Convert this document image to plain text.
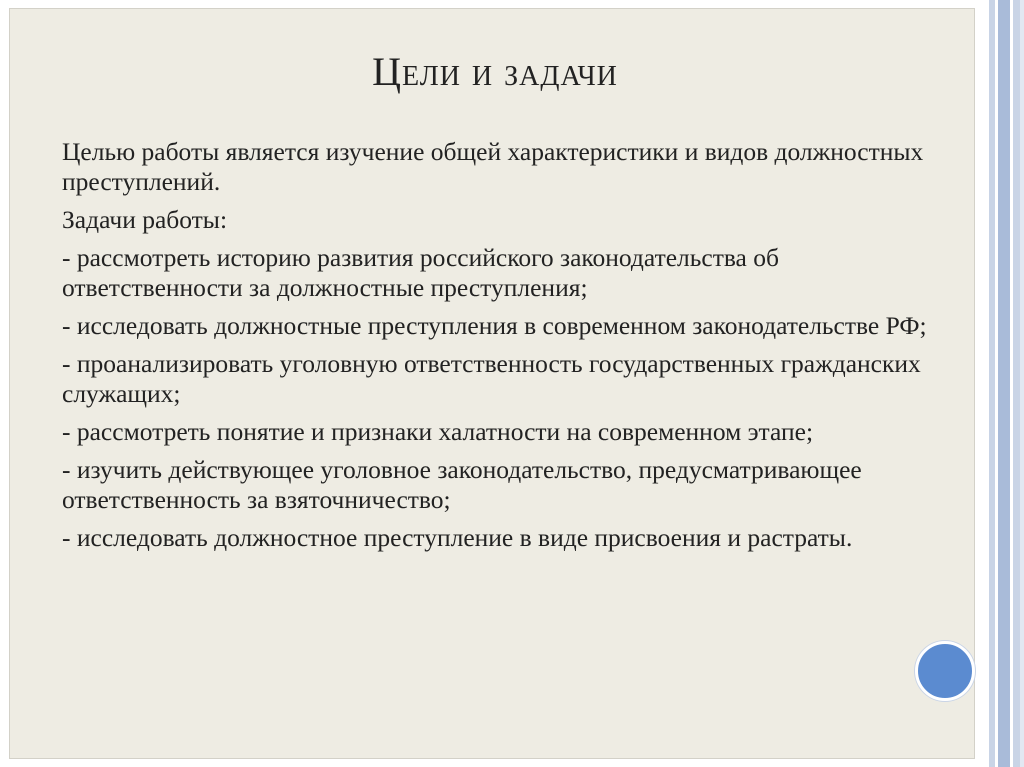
Цели и задачи

Целью работы является изучение общей характеристики и видов должностных преступлений.

Задачи работы:

- рассмотреть историю развития российского законодательства об ответственности за должностные преступления;

- исследовать должностные преступления в современном законодательстве РФ;

- проанализировать уголовную ответственность государственных гражданских служащих;

- рассмотреть понятие и признаки халатности на современном этапе;

- изучить действующее уголовное законодательство, предусматривающее ответственность за взяточничество;

- исследовать должностное преступление в виде присвоения и растраты.
